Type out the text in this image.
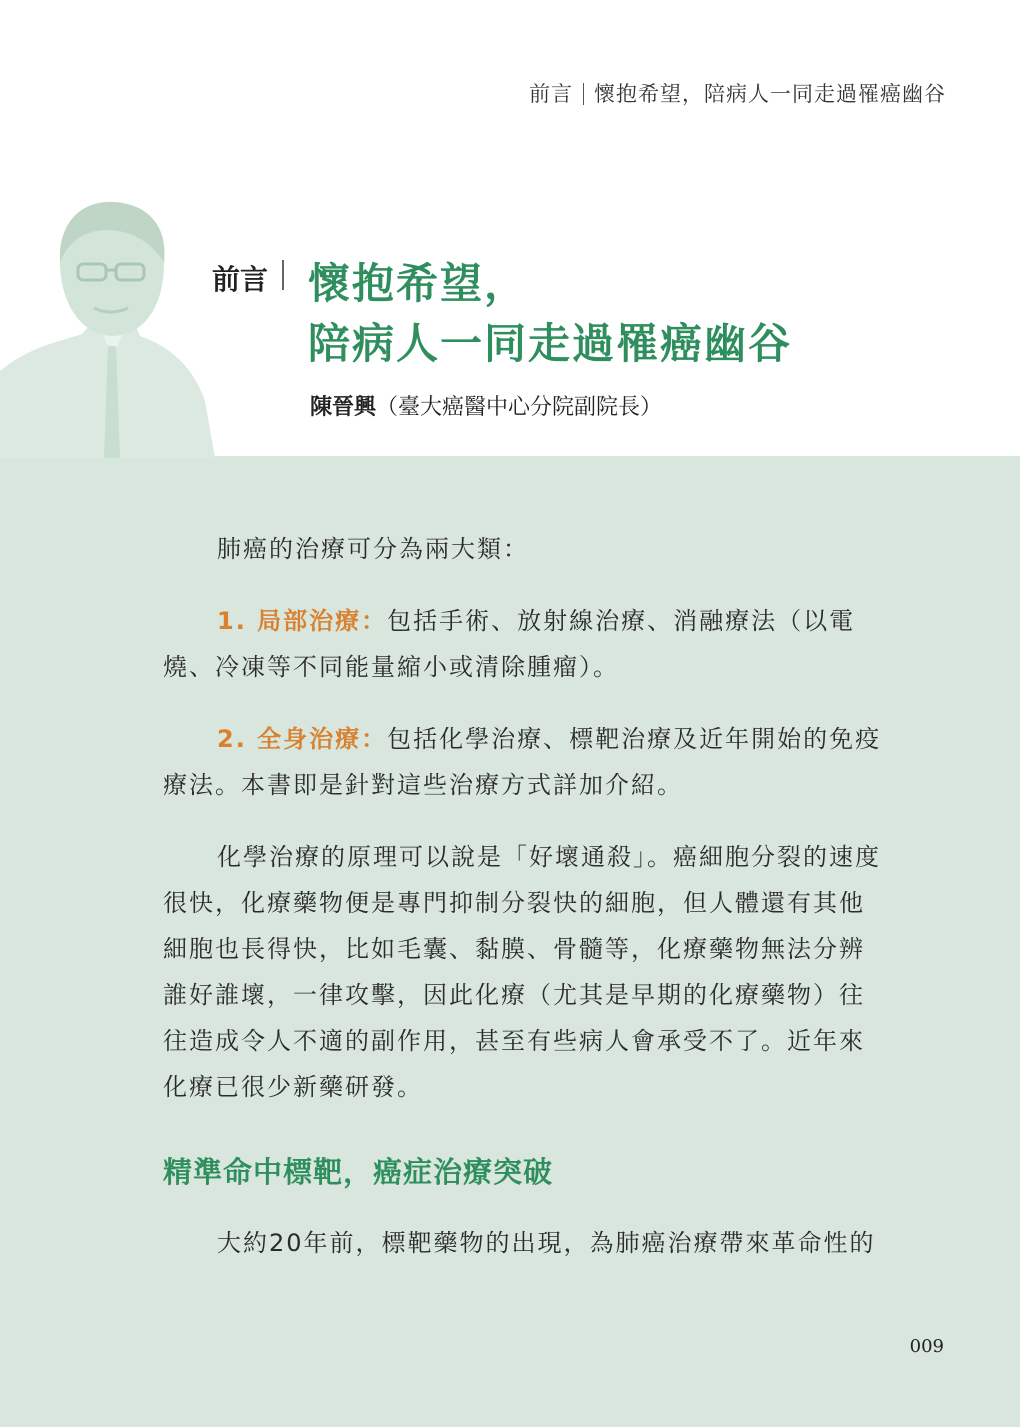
前言 懷抱希望，陪病人一同走過罹癌幽谷
前言 懷抱希望，
陪病人一同走過罹癌幽谷
陳晉興（臺大癌醫中心分院副院長）

肺癌的治療可分為兩大類：

1. 局部治療：包括手術、放射線治療、消融療法（以電燒、冷凍等不同能量縮小或清除腫瘤）。

2. 全身治療：包括化學治療、標靶治療及近年開始的免疫療法。本書即是針對這些治療方式詳加介紹。

化學治療的原理可以說是「好壞通殺」。癌細胞分裂的速度很快，化療藥物便是專門抑制分裂快的細胞，但人體還有其他細胞也長得快，比如毛囊、黏膜、骨髓等，化療藥物無法分辨誰好誰壞，一律攻擊，因此化療（尤其是早期的化療藥物）往往造成令人不適的副作用，甚至有些病人會承受不了。近年來化療已很少新藥研發。

精準命中標靶，癌症治療突破

大約20年前，標靶藥物的出現，為肺癌治療帶來革命性的

009
